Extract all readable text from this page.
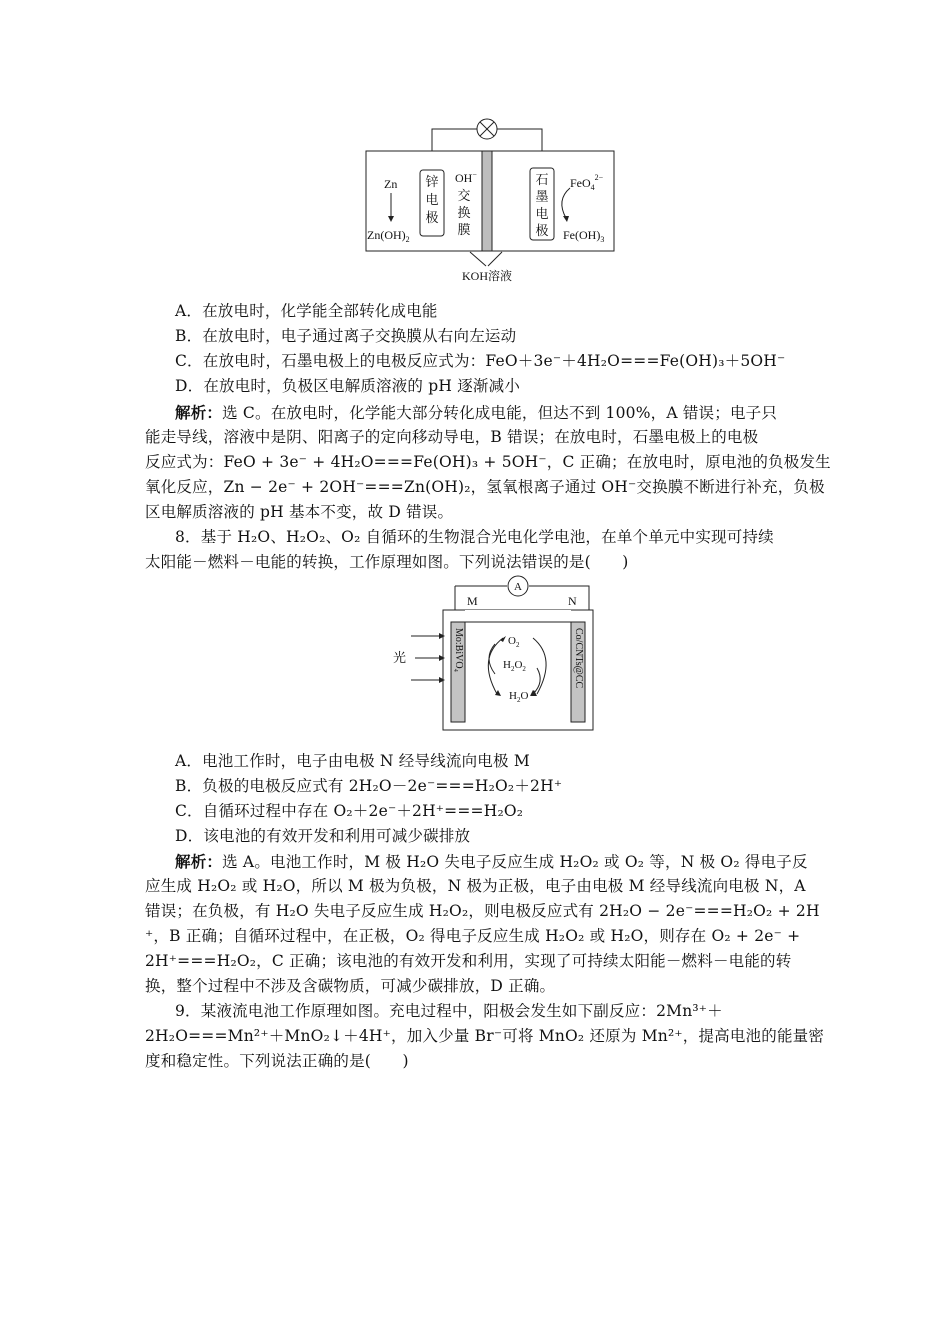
锌
电
极
石
墨
电
极
Zn
$Zn(OH)_2$
OH−
交
换
膜
FeO$_4^{2-}$
$Fe(OH)_3$
KOH溶液
A．在放电时，化学能全部转化成电能
B．在放电时，电子通过离子交换膜从右向左运动
C．在放电时，石墨电极上的电极反应式为：FeO＋3e⁻＋4H₂O===Fe(OH)₃＋5OH⁻
D．在放电时，负极区电解质溶液的 pH 逐渐减小
解析：选 C。在放电时，化学能大部分转化成电能，但达不到 100%，A 错误；电子只
能走导线，溶液中是阴、阳离子的定向移动导电，B 错误；在放电时，石墨电极上的电极
反应式为：FeO + 3e⁻ + 4H₂O===Fe(OH)₃ + 5OH⁻，C 正确；在放电时，原电池的负极发生
氧化反应，Zn − 2e⁻ + 2OH⁻===Zn(OH)₂，氢氧根离子通过 OH⁻交换膜不断进行补充，负极
区电解质溶液的 pH 基本不变，故 D 错误。
8．基于 H₂O、H₂O₂、O₂ 自循环的生物混合光电化学电池，在单个单元中实现可持续
太阳能－燃料－电能的转换，工作原理如图。下列说法错误的是(　　)
A
M	N
Mo:BiVO₄	Co/CNTs@CC
光
$O_2$
$H_2O_2$
$H_2O$
A．电池工作时，电子由电极 N 经导线流向电极 M
B．负极的电极反应式有 2H₂O－2e⁻===H₂O₂＋2H⁺
C．自循环过程中存在 O₂＋2e⁻＋2H⁺===H₂O₂
D．该电池的有效开发和利用可减少碳排放
解析：选 A。电池工作时，M 极 H₂O 失电子反应生成 H₂O₂ 或 O₂ 等，N 极 O₂ 得电子反
应生成 H₂O₂ 或 H₂O，所以 M 极为负极，N 极为正极，电子由电极 M 经导线流向电极 N，A
错误；在负极，有 H₂O 失电子反应生成 H₂O₂，则电极反应式有 2H₂O − 2e⁻===H₂O₂ + 2H
⁺，B 正确；自循环过程中，在正极，O₂ 得电子反应生成 H₂O₂ 或 H₂O，则存在 O₂ + 2e⁻ +
2H⁺===H₂O₂，C 正确；该电池的有效开发和利用，实现了可持续太阳能－燃料－电能的转
换，整个过程中不涉及含碳物质，可减少碳排放，D 正确。
9．某液流电池工作原理如图。充电过程中，阳极会发生如下副反应：2Mn³⁺＋
2H₂O===Mn²⁺＋MnO₂↓＋4H⁺，加入少量 Br⁻可将 MnO₂ 还原为 Mn²⁺，提高电池的能量密
度和稳定性。下列说法正确的是(　　)
